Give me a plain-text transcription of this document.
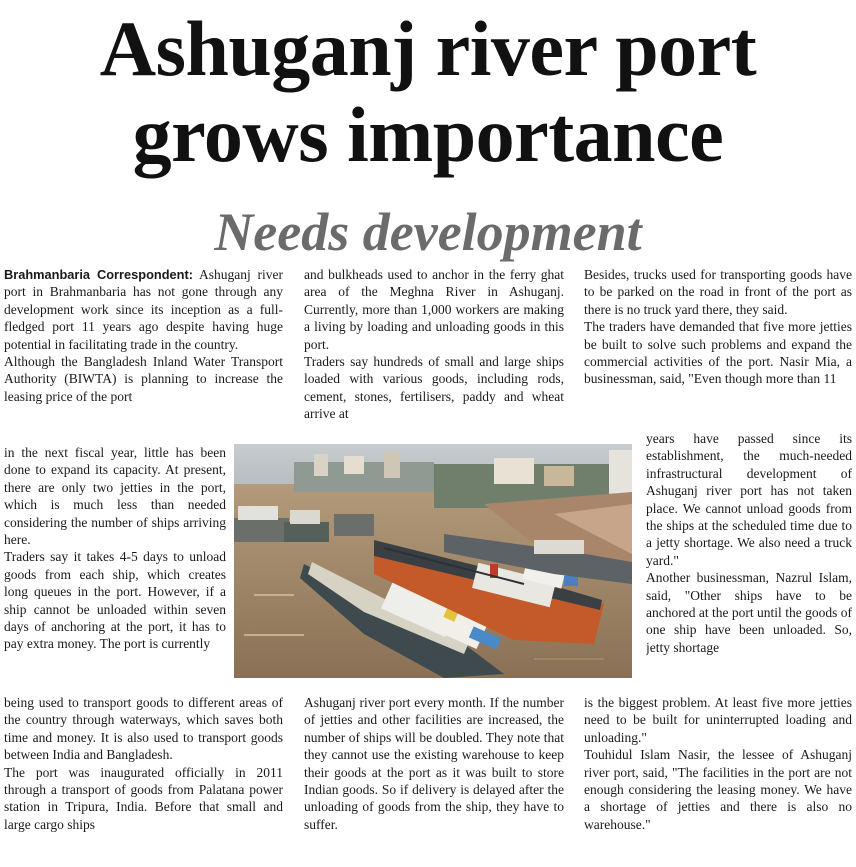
Ashuganj river port
grows importance
Needs development

Brahmanbaria Correspondent: Ashuganj river port in Brahmanbaria has not gone through any development work since its inception as a full-fledged port 11 years ago despite having huge potential in facilitating trade in the country.

Although the Bangladesh Inland Water Transport Authority (BIWTA) is planning to increase the leasing price of the port

in the next fiscal year, little has been done to expand its capacity. At present, there are only two jetties in the port, which is much less than needed considering the number of ships arriving here.

Traders say it takes 4-5 days to unload goods from each ship, which creates long queues in the port. However, if a ship cannot be unloaded within seven days of anchoring at the port, it has to pay extra money. The port is currently

being used to transport goods to different areas of the country through waterways, which saves both time and money. It is also used to transport goods between India and Bangladesh.

The port was inaugurated officially in 2011 through a transport of goods from Palatana power station in Tripura, India. Before that small and large cargo ships

and bulkheads used to anchor in the ferry ghat area of the Meghna River in Ashuganj. Currently, more than 1,000 workers are making a living by loading and unloading goods in this port.

Traders say hundreds of small and large ships loaded with various goods, including rods, cement, stones, fertilisers, paddy and wheat arrive at

Ashuganj river port every month. If the number of jetties and other facilities are increased, the number of ships will be doubled. They note that they cannot use the existing warehouse to keep their goods at the port as it was built to store Indian goods. So if delivery is delayed after the unloading of goods from the ship, they have to suffer.

Besides, trucks used for transporting goods have to be parked on the road in front of the port as there is no truck yard there, they said.

The traders have demanded that five more jetties be built to solve such problems and expand the commercial activities of the port. Nasir Mia, a businessman, said, "Even though more than 11

years have passed since its establishment, the much-needed infrastructural development of Ashuganj river port has not taken place. We cannot unload goods from the ships at the scheduled time due to a jetty shortage. We also need a truck yard."

Another businessman, Nazrul Islam, said, "Other ships have to be anchored at the port until the goods of one ship have been unloaded. So, jetty shortage

is the biggest problem. At least five more jetties need to be built for uninterrupted loading and unloading."

Touhidul Islam Nasir, the lessee of Ashuganj river port, said, "The facilities in the port are not enough considering the leasing money. We have a shortage of jetties and there is also no warehouse."
